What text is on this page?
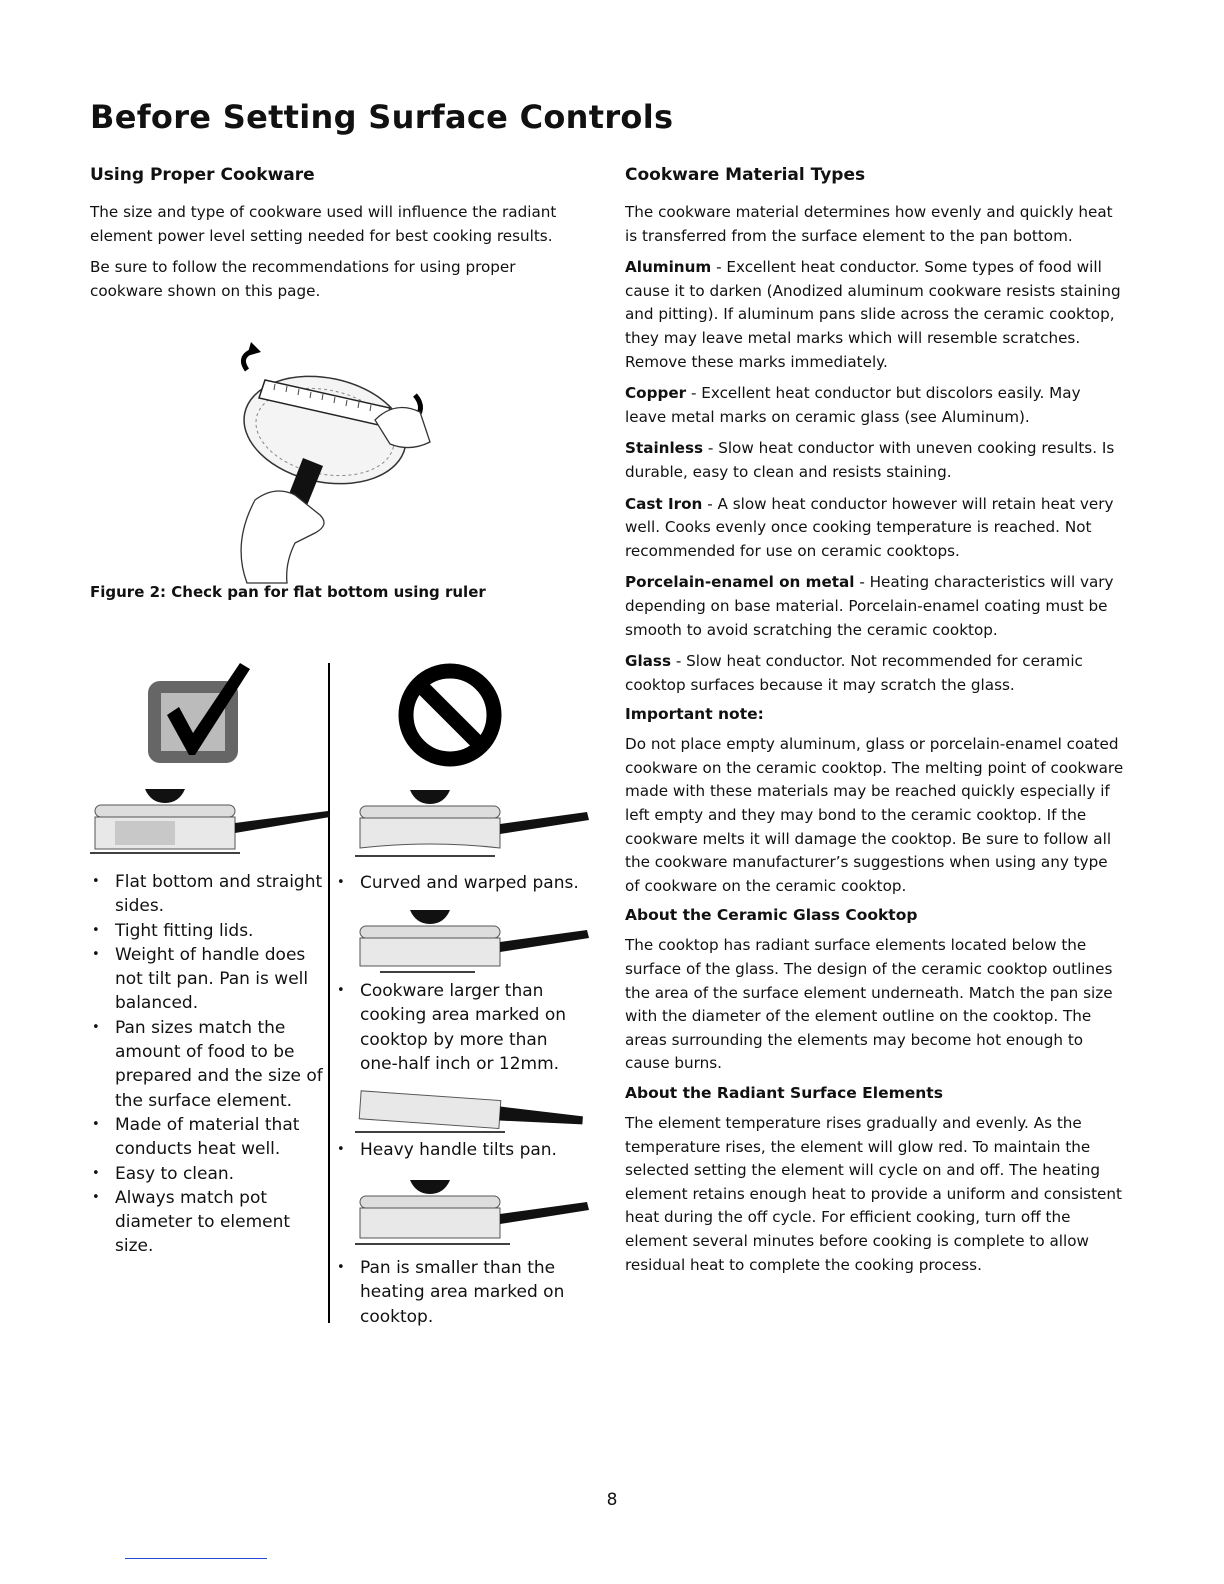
Before Setting Surface Controls
Using Proper Cookware

The size and type of cookware used will influence the radiant element power level setting needed for best cooking results.

Be sure to follow the recommendations for using proper cookware shown on this page.

Figure 2: Check pan for flat bottom using ruler
• Flat bottom and straight sides.
• Tight fitting lids.
• Weight of handle does not tilt pan. Pan is well balanced.
• Pan sizes match the amount of food to be prepared and the size of the surface element.
• Made of material that conducts heat well.
• Easy to clean.
• Always match pot diameter to element size.
• Curved and warped pans.
• Cookware larger than cooking area marked on cooktop by more than one-half inch or 12mm.
• Heavy handle tilts pan.
• Pan is smaller than the heating area marked on cooktop.
Cookware Material Types

The cookware material determines how evenly and quickly heat is transferred from the surface element to the pan bottom.

Aluminum - Excellent heat conductor. Some types of food will cause it to darken (Anodized aluminum cookware resists staining and pitting). If aluminum pans slide across the ceramic cooktop, they may leave metal marks which will resemble scratches. Remove these marks immediately.

Copper - Excellent heat conductor but discolors easily. May leave metal marks on ceramic glass (see Aluminum).

Stainless - Slow heat conductor with uneven cooking results. Is durable, easy to clean and resists staining.

Cast Iron - A slow heat conductor however will retain heat very well. Cooks evenly once cooking temperature is reached. Not recommended for use on ceramic cooktops.

Porcelain-enamel on metal - Heating characteristics will vary depending on base material. Porcelain-enamel coating must be smooth to avoid scratching the ceramic cooktop.

Glass - Slow heat conductor. Not recommended for ceramic cooktop surfaces because it may scratch the glass.

Important note:

Do not place empty aluminum, glass or porcelain-enamel coated cookware on the ceramic cooktop. The melting point of cookware made with these materials may be reached quickly especially if left empty and they may bond to the ceramic cooktop. If the cookware melts it will damage the cooktop. Be sure to follow all the cookware manufacturer’s suggestions when using any type of cookware on the ceramic cooktop.

About the Ceramic Glass Cooktop

The cooktop has radiant surface elements located below the surface of the glass. The design of the ceramic cooktop outlines the area of the surface element underneath. Match the pan size with the diameter of the element outline on the cooktop. The areas surrounding the elements may become hot enough to cause burns.

About the Radiant Surface Elements

The element temperature rises gradually and evenly. As the temperature rises, the element will glow red. To maintain the selected setting the element will cycle on and off. The heating element retains enough heat to provide a uniform and consistent heat during the off cycle. For efficient cooking, turn off the element several minutes before cooking is complete to allow residual heat to complete the cooking process.

8
